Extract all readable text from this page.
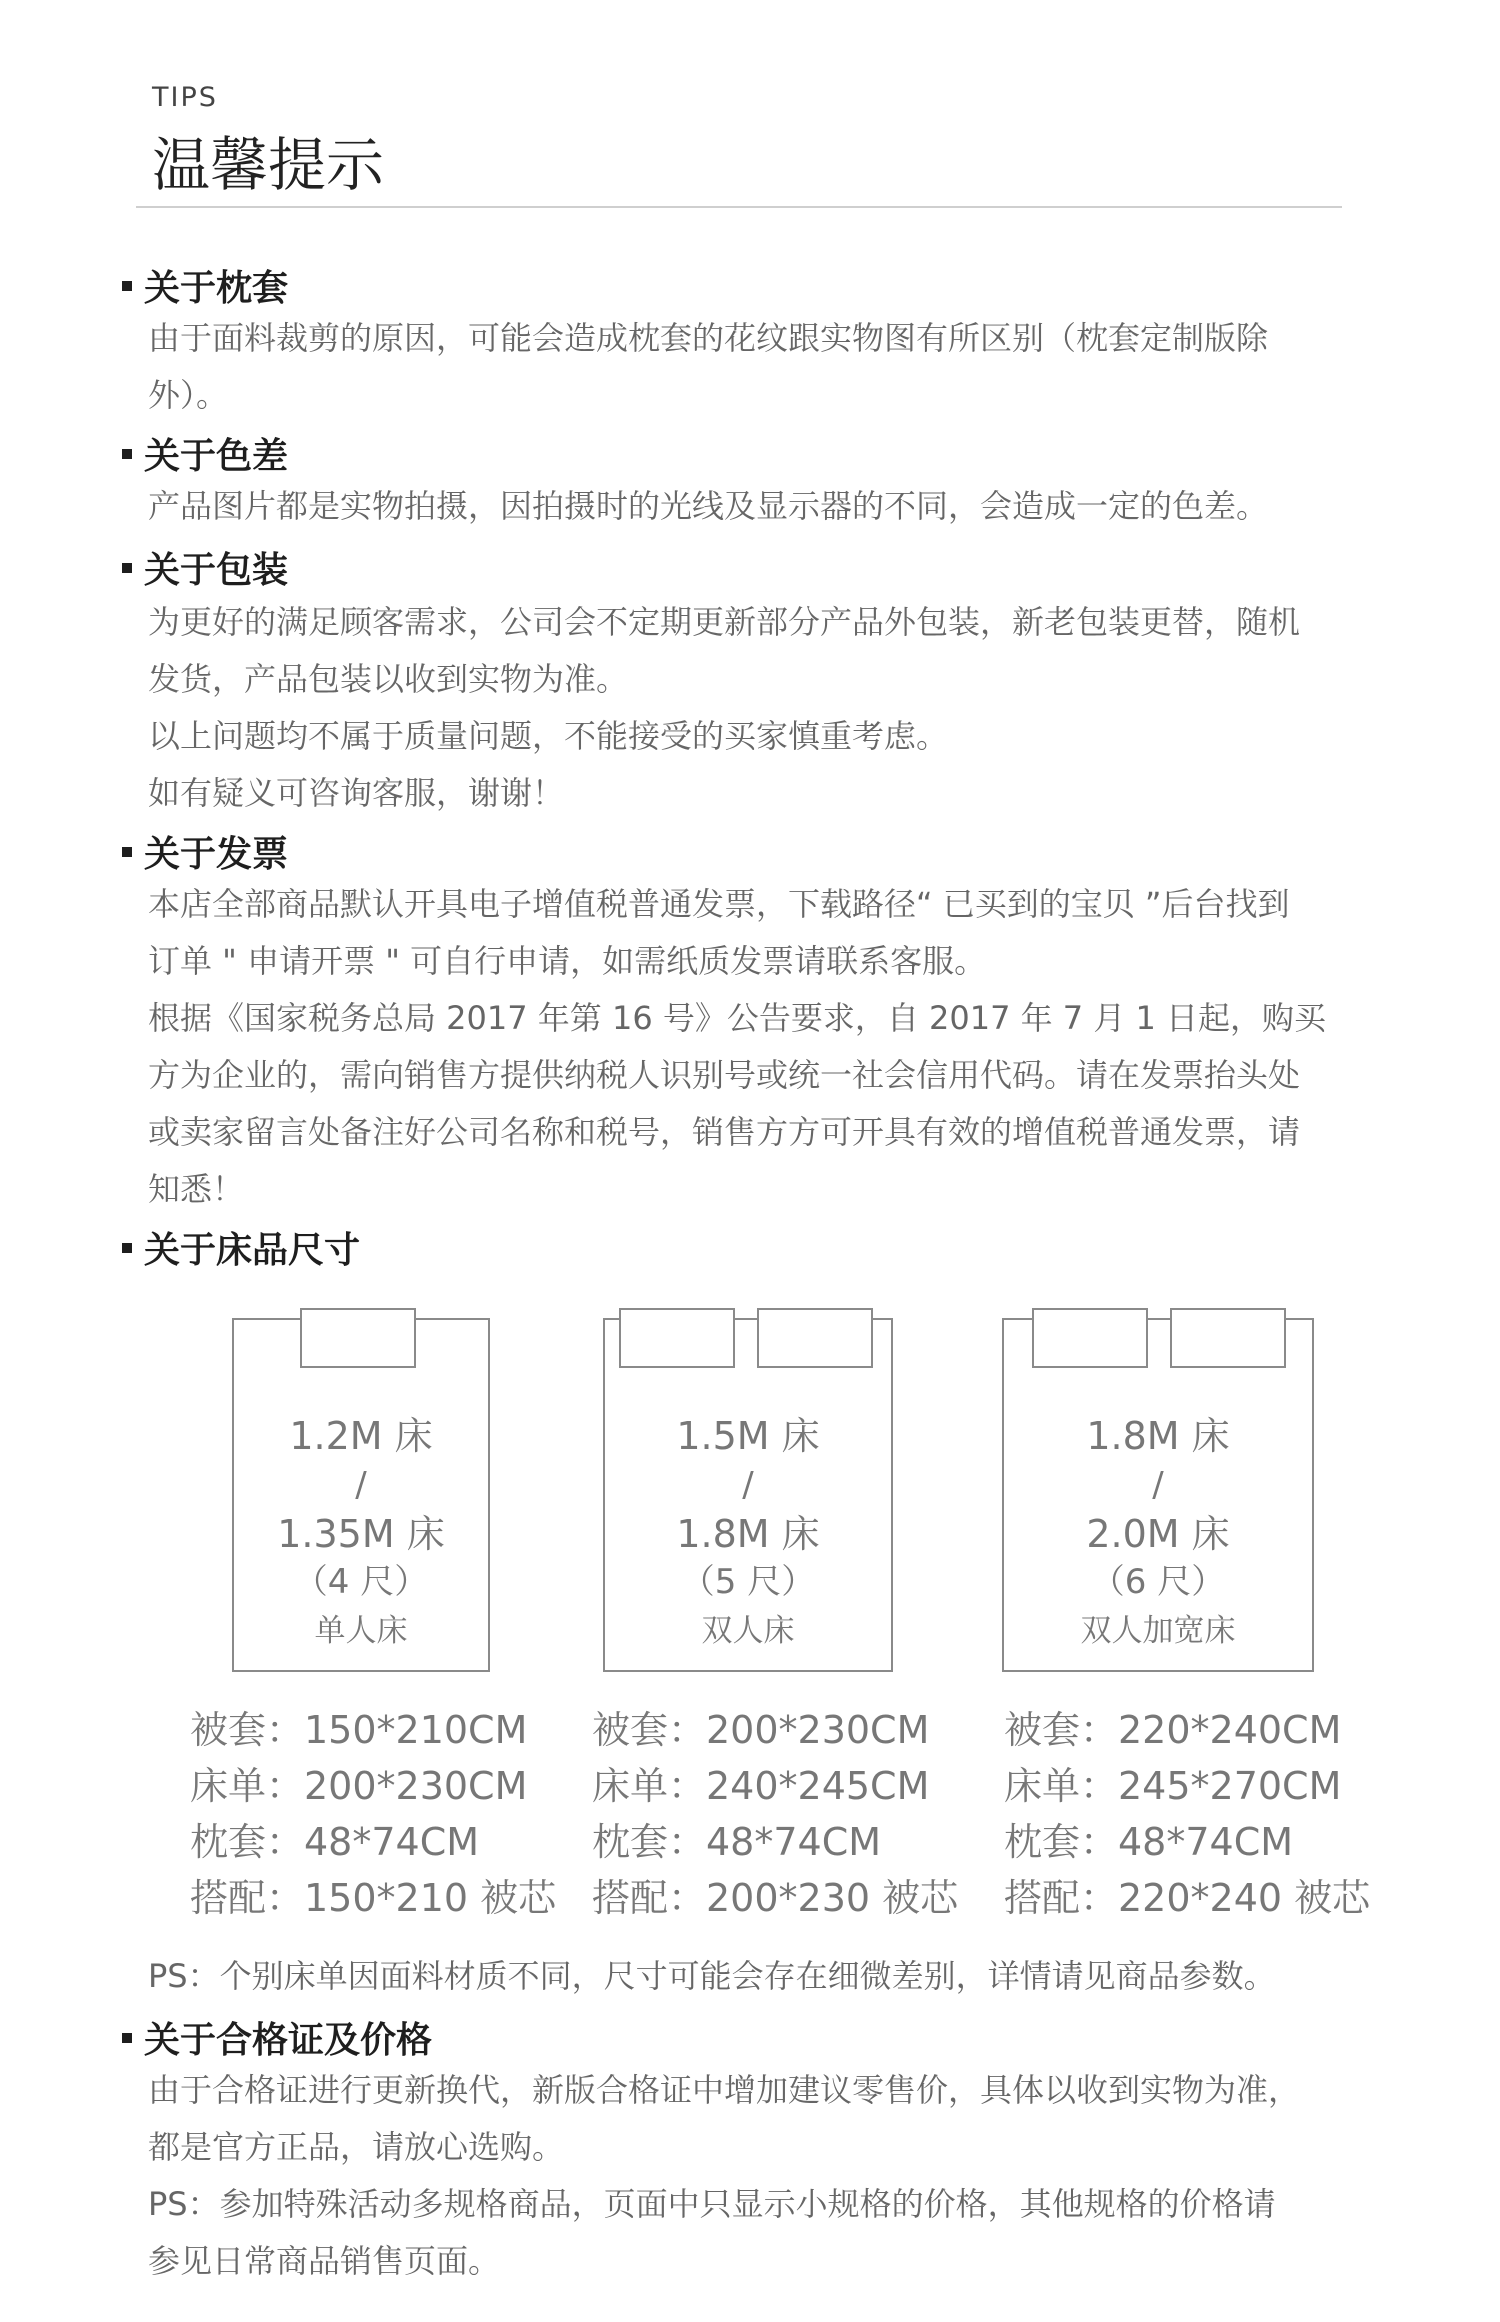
TIPS
温馨提示
关于枕套
由于面料裁剪的原因，可能会造成枕套的花纹跟实物图有所区别（枕套定制版除
外）。
关于色差
产品图片都是实物拍摄，因拍摄时的光线及显示器的不同，会造成一定的色差。
关于包装
为更好的满足顾客需求，公司会不定期更新部分产品外包装，新老包装更替，随机
发货，产品包装以收到实物为准。
以上问题均不属于质量问题，不能接受的买家慎重考虑。
如有疑义可咨询客服，谢谢！
关于发票
本店全部商品默认开具电子增值税普通发票，下载路径“ 已买到的宝贝 ”后台找到
订单 " 申请开票 " 可自行申请，如需纸质发票请联系客服。
根据《国家税务总局 2017 年第 16 号》公告要求，自 2017 年 7 月 1 日起，购买
方为企业的，需向销售方提供纳税人识别号或统一社会信用代码。请在发票抬头处
或卖家留言处备注好公司名称和税号，销售方方可开具有效的增值税普通发票，请
知悉！
关于床品尺寸
1.2M 床
/
1.35M 床
（4 尺）
单人床
1.5M 床
/
1.8M 床
（5 尺）
双人床
1.8M 床
/
2.0M 床
（6 尺）
双人加宽床
被套：150*210CM
床单：200*230CM
枕套：48*74CM
搭配：150*210 被芯
被套：200*230CM
床单：240*245CM
枕套：48*74CM
搭配：200*230 被芯
被套：220*240CM
床单：245*270CM
枕套：48*74CM
搭配：220*240 被芯
PS：个别床单因面料材质不同，尺寸可能会存在细微差别，详情请见商品参数。
关于合格证及价格
由于合格证进行更新换代，新版合格证中增加建议零售价，具体以收到实物为准，
都是官方正品，请放心选购。
PS：参加特殊活动多规格商品，页面中只显示小规格的价格，其他规格的价格请
参见日常商品销售页面。
